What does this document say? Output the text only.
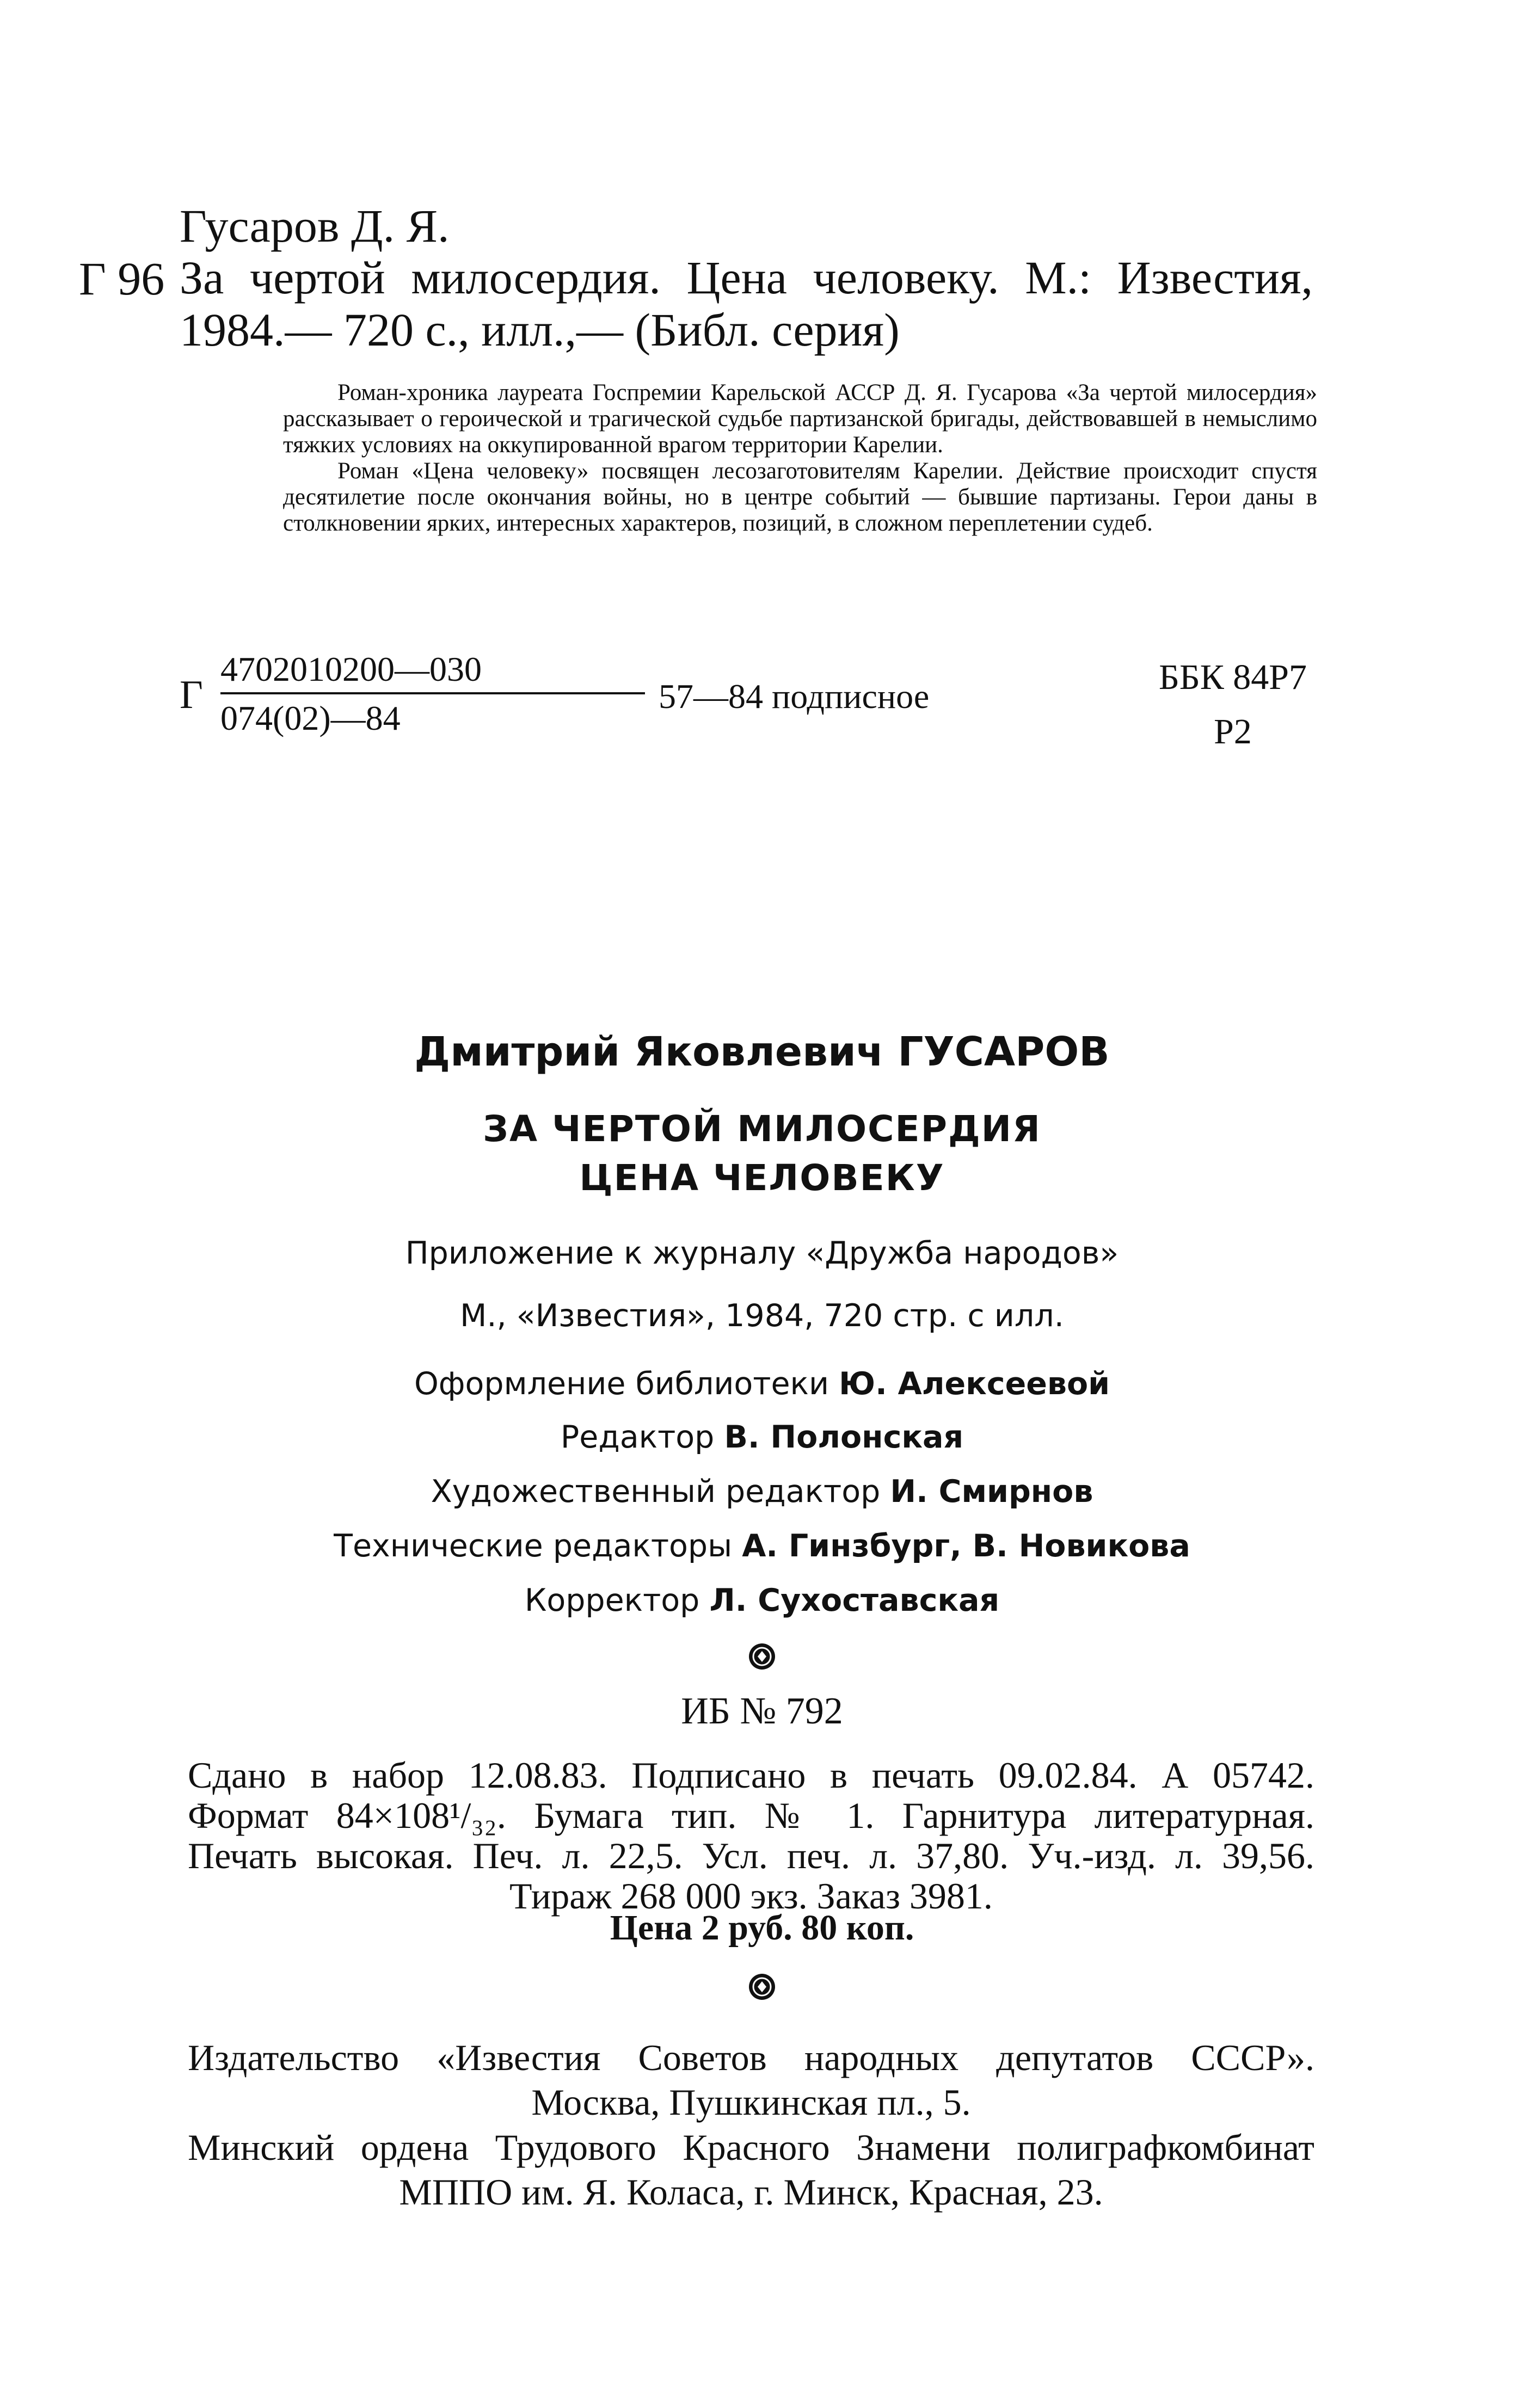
Гусаров Д. Я.
Г 96 За чертой милосердия. Цена человеку. М.: Известия,
1984.— 720 с., илл.,— (Библ. серия)

Роман-хроника лауреата Госпремии Карельской АССР Д. Я. Гусарова «За чертой милосердия» рассказывает о героической и трагической судьбе партизанской бригады, действовавшей в немыслимо тяжких условиях на оккупированной врагом территории Карелии.

Роман «Цена человеку» посвящен лесозаготовителям Карелии. Действие происходит спустя десятилетие после окончания войны, но в центре событий — бывшие партизаны. Герои даны в столкновении ярких, интересных характеров, позиций, в сложном переплетении судеб.

Г
4702010200—030
074(02)—84
57—84 подписное	ББК 84Р7
Р2
Дмитрий Яковлевич ГУСАРОВ
ЗА ЧЕРТОЙ МИЛОСЕРДИЯ
ЦЕНА ЧЕЛОВЕКУ
Приложение к журналу «Дружба народов»
М., «Известия», 1984, 720 стр. с илл.
Оформление библиотеки Ю. Алексеевой
Редактор В. Полонская
Художественный редактор И. Смирнов
Технические редакторы А. Гинзбург, В. Новикова
Корректор Л. Сухоставская
ИБ № 792
Сдано в набор 12.08.83. Подписано в печать 09.02.84. А 05742.
Формат 84×108¹/₃₂. Бумага тип. № 1. Гарнитура литературная.
Печать высокая. Печ. л. 22,5. Усл. печ. л. 37,80. Уч.-изд. л. 39,56.
Тираж 268 000 экз. Заказ 3981.
Цена 2 руб. 80 коп.
Издательство «Известия Советов народных депутатов СССР».
Москва, Пушкинская пл., 5.
Минский ордена Трудового Красного Знамени полиграфкомбинат
МППО им. Я. Коласа, г. Минск, Красная, 23.
